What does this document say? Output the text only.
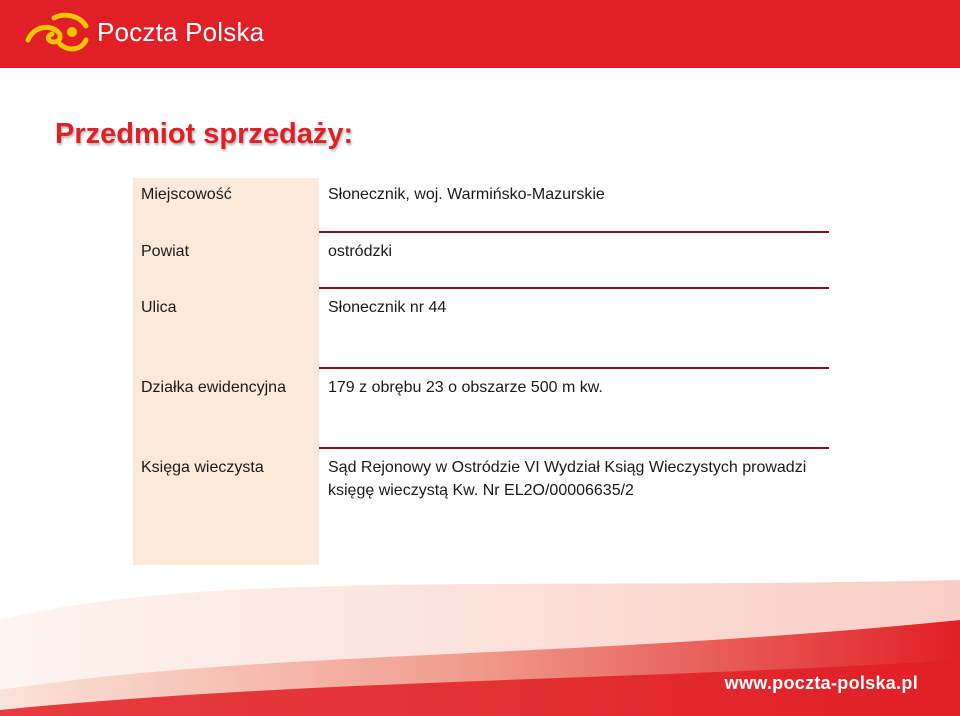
Poczta Polska
Przedmiot sprzedaży:
Miejscowość	Słonecznik, woj. Warmińsko-Mazurskie
Powiat	ostródzki
Ulica	Słonecznik nr 44
Działka ewidencyjna	179 z obrębu 23 o obszarze 500 m kw.
Księga wieczysta	Sąd Rejonowy w Ostródzie VI Wydział Ksiąg Wieczystych prowadzi księgę wieczystą Kw. Nr EL2O/00006635/2
www.poczta-polska.pl
